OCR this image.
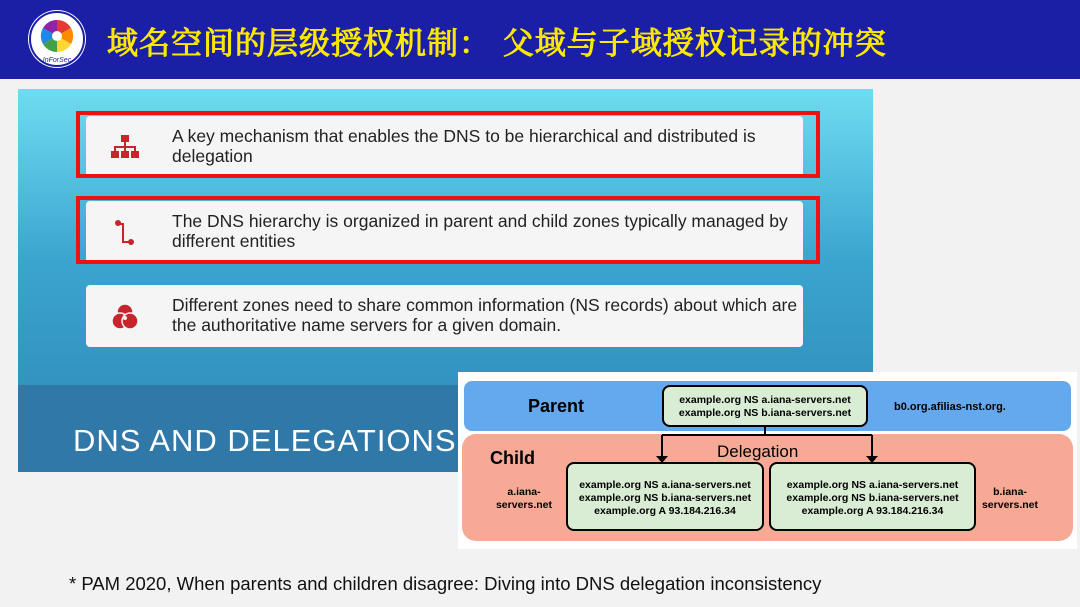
InForSec 域名空间的层级授权机制： 父域与子域授权记录的冲突
DNS AND DELEGATIONS
A key mechanism that enables the DNS to be hierarchical and distributed is delegation
The DNS hierarchy is organized in parent and child zones typically managed by different entities
Different zones need to share common information (NS records) about which are the authoritative name servers for a given domain.
Parent
Child
example.org NS a.iana-servers.net
example.org NS b.iana-servers.net	b0.org.afilias-nst.org.
Delegation
a.iana-
servers.net
b.iana-
servers.net
example.org NS a.iana-servers.net
example.org NS b.iana-servers.net
example.org A 93.184.216.34
example.org NS a.iana-servers.net
example.org NS b.iana-servers.net
example.org A 93.184.216.34
* PAM 2020, When parents and children disagree: Diving into DNS delegation inconsistency
